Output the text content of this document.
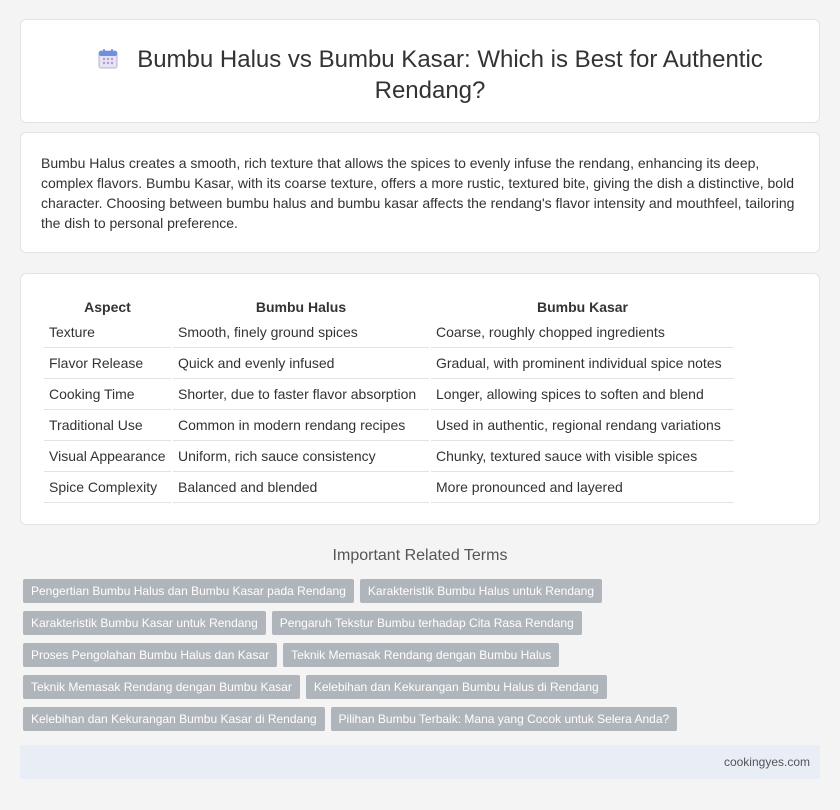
Bumbu Halus vs Bumbu Kasar: Which is Best for Authentic Rendang?
Bumbu Halus creates a smooth, rich texture that allows the spices to evenly infuse the rendang, enhancing its deep, complex flavors. Bumbu Kasar, with its coarse texture, offers a more rustic, textured bite, giving the dish a distinctive, bold character. Choosing between bumbu halus and bumbu kasar affects the rendang's flavor intensity and mouthfeel, tailoring the dish to personal preference.
Aspect	Bumbu Halus	Bumbu Kasar
Texture	Smooth, finely ground spices	Coarse, roughly chopped ingredients
Flavor Release	Quick and evenly infused	Gradual, with prominent individual spice notes
Cooking Time	Shorter, due to faster flavor absorption	Longer, allowing spices to soften and blend
Traditional Use	Common in modern rendang recipes	Used in authentic, regional rendang variations
Visual Appearance	Uniform, rich sauce consistency	Chunky, textured sauce with visible spices
Spice Complexity	Balanced and blended	More pronounced and layered
Important Related Terms
Pengertian Bumbu Halus dan Bumbu Kasar pada Rendang	Karakteristik Bumbu Halus untuk Rendang
Karakteristik Bumbu Kasar untuk Rendang	Pengaruh Tekstur Bumbu terhadap Cita Rasa Rendang
Proses Pengolahan Bumbu Halus dan Kasar	Teknik Memasak Rendang dengan Bumbu Halus
Teknik Memasak Rendang dengan Bumbu Kasar	Kelebihan dan Kekurangan Bumbu Halus di Rendang
Kelebihan dan Kekurangan Bumbu Kasar di Rendang	Pilihan Bumbu Terbaik: Mana yang Cocok untuk Selera Anda?
cookingyes.com
